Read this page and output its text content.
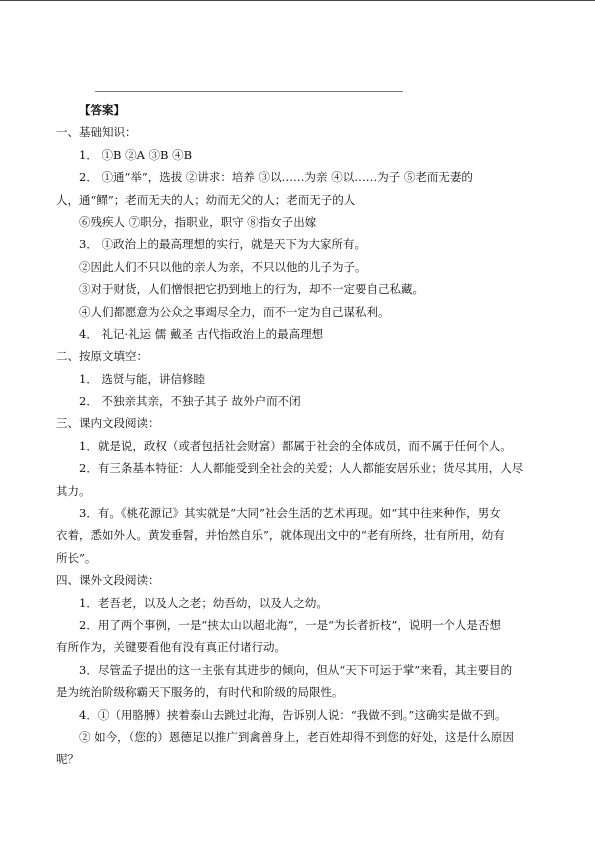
【答案】
一、基础知识：
1． ①B ②A ③B ④B
2． ①通“举”，选拔 ②讲求：培养 ③以……为亲 ④以……为子 ⑤老而无妻的
人，通“鳏”；老而无夫的人；幼而无父的人；老而无子的人
⑥残疾人 ⑦职分，指职业，职守 ⑧指女子出嫁
3． ①政治上的最高理想的实行，就是天下为大家所有。
②因此人们不只以他的亲人为亲，不只以他的儿子为子。
③对于财货，人们憎恨把它扔到地上的行为，却不一定要自己私藏。
④人们都愿意为公众之事竭尽全力，而不一定为自己谋私利。
4． 礼记·礼运 儒 戴圣 古代指政治上的最高理想
二、按原文填空：
1． 选贤与能，讲信修睦
2． 不独亲其亲，不独子其子 故外户而不闭
三、课内文段阅读：
1．就是说，政权（或者包括社会财富）都属于社会的全体成员，而不属于任何个人。
2．有三条基本特征：人人都能受到全社会的关爱；人人都能安居乐业；货尽其用，人尽
其力。
3．有。《桃花源记》其实就是“大同”社会生活的艺术再现。如“其中往来种作，男女
衣着，悉如外人。黄发垂髫，并怡然自乐”，就体现出文中的“老有所终，壮有所用，幼有
所长”。
四、课外文段阅读：
1．老吾老，以及人之老；幼吾幼，以及人之幼。
2．用了两个事例，一是“挟太山以超北海”，一是“为长者折枝”，说明一个人是否想
有所作为，关键要看他有没有真正付诸行动。
3．尽管孟子提出的这一主张有其进步的倾向，但从“天下可运于掌”来看，其主要目的
是为统治阶级称霸天下服务的，有时代和阶级的局限性。
4．①（用胳膊）挟着泰山去跳过北海，告诉别人说：“我做不到。”这确实是做不到。
② 如今，（您的）恩德足以推广到禽兽身上，老百姓却得不到您的好处，这是什么原因
呢？
